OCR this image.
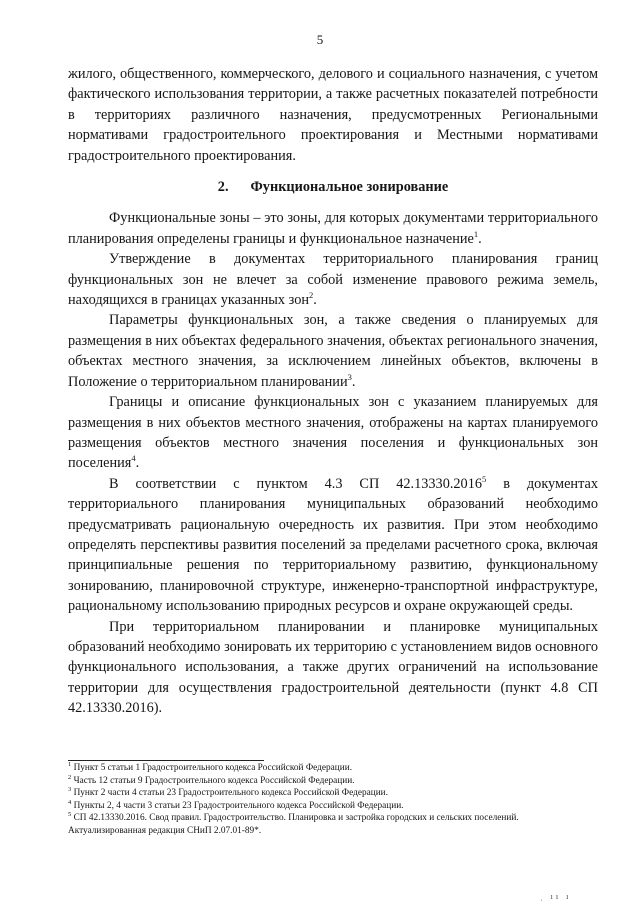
5

жилого, общественного, коммерческого, делового и социального назначения, с учетом фактического использования территории, а также расчетных показателей потребности в территориях различного назначения, предусмотренных Региональными нормативами градостроительного проектирования и Местными нормативами градостроительного проектирования.

2. Функциональное зонирование

Функциональные зоны – это зоны, для которых документами территориального планирования определены границы и функциональное назначение$^1$.

Утверждение в документах территориального планирования границ функциональных зон не влечет за собой изменение правового режима земель, находящихся в границах указанных зон$^2$.

Параметры функциональных зон, а также сведения о планируемых для размещения в них объектах федерального значения, объектах регионального значения, объектах местного значения, за исключением линейных объектов, включены в Положение о территориальном планировании$^3$.

Границы и описание функциональных зон с указанием планируемых для размещения в них объектов местного значения, отображены на картах планируемого размещения объектов местного значения поселения и функциональных зон поселения$^4$.

В соответствии с пунктом 4.3 СП 42.13330.2016$^5$ в документах территориального планирования муниципальных образований необходимо предусматривать рациональную очередность их развития. При этом необходимо определять перспективы развития поселений за пределами расчетного срока, включая принципиальные решения по территориальному развитию, функциональному зонированию, планировочной структуре, инженерно-транспортной инфраструктуре, рациональному использованию природных ресурсов и охране окружающей среды.

При территориальном планировании и планировке муниципальных образований необходимо зонировать их территорию с установлением видов основного функционального использования, а также других ограничений на использование территории для осуществления градостроительной деятельности (пункт 4.8 СП 42.13330.2016).

$^1$ Пункт 5 статьи 1 Градостроительного кодекса Российской Федерации.

$^2$ Часть 12 статьи 9 Градостроительного кодекса Российской Федерации.

$^3$ Пункт 2 части 4 статьи 23 Градостроительного кодекса Российской Федерации.

$^4$ Пункты 2, 4 части 3 статьи 23 Градостроительного кодекса Российской Федерации.

$^5$ СП 42.13330.2016. Свод правил. Градостроительство. Планировка и застройка городских и сельских поселений. Актуализированная редакция СНиП 2.07.01-89*.

ˌ ıı ı
